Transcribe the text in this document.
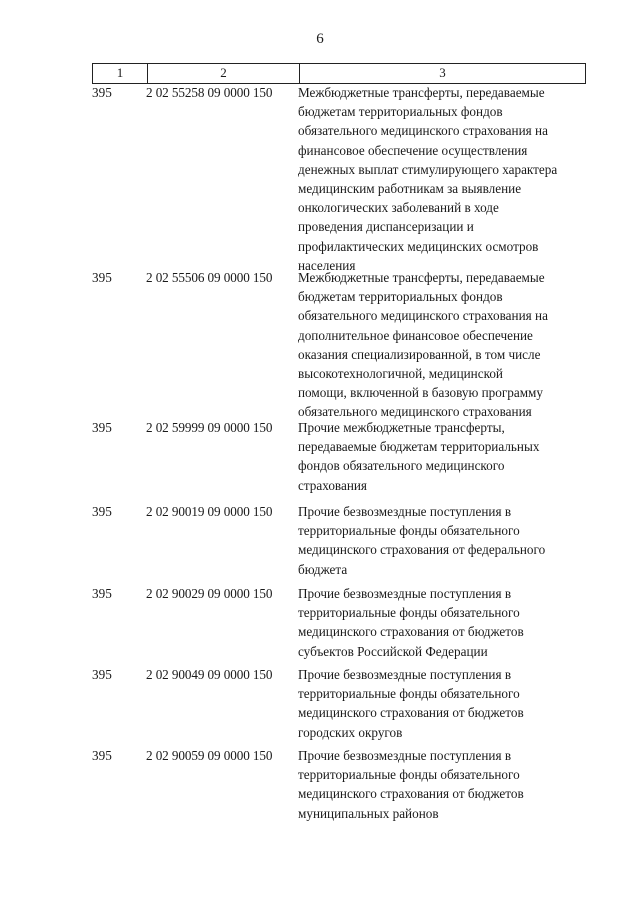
6
1	2	3
395	2 02 55258 09 0000 150	Межбюджетные трансферты, передаваемые
бюджетам территориальных фондов
обязательного медицинского страхования на
финансовое обеспечение осуществления
денежных выплат стимулирующего характера
медицинским работникам за выявление
онкологических заболеваний в ходе
проведения диспансеризации и
профилактических медицинских осмотров
населения
395	2 02 55506 09 0000 150	Межбюджетные трансферты, передаваемые
бюджетам территориальных фондов
обязательного медицинского страхования на
дополнительное финансовое обеспечение
оказания специализированной, в том числе
высокотехнологичной, медицинской
помощи, включенной в базовую программу
обязательного медицинского страхования
395	2 02 59999 09 0000 150	Прочие межбюджетные трансферты,
передаваемые бюджетам территориальных
фондов обязательного медицинского
страхования
395	2 02 90019 09 0000 150	Прочие безвозмездные поступления в
территориальные фонды обязательного
медицинского страхования от федерального
бюджета
395	2 02 90029 09 0000 150	Прочие безвозмездные поступления в
территориальные фонды обязательного
медицинского страхования от бюджетов
субъектов Российской Федерации
395	2 02 90049 09 0000 150	Прочие безвозмездные поступления в
территориальные фонды обязательного
медицинского страхования от бюджетов
городских округов
395	2 02 90059 09 0000 150	Прочие безвозмездные поступления в
территориальные фонды обязательного
медицинского страхования от бюджетов
муниципальных районов
